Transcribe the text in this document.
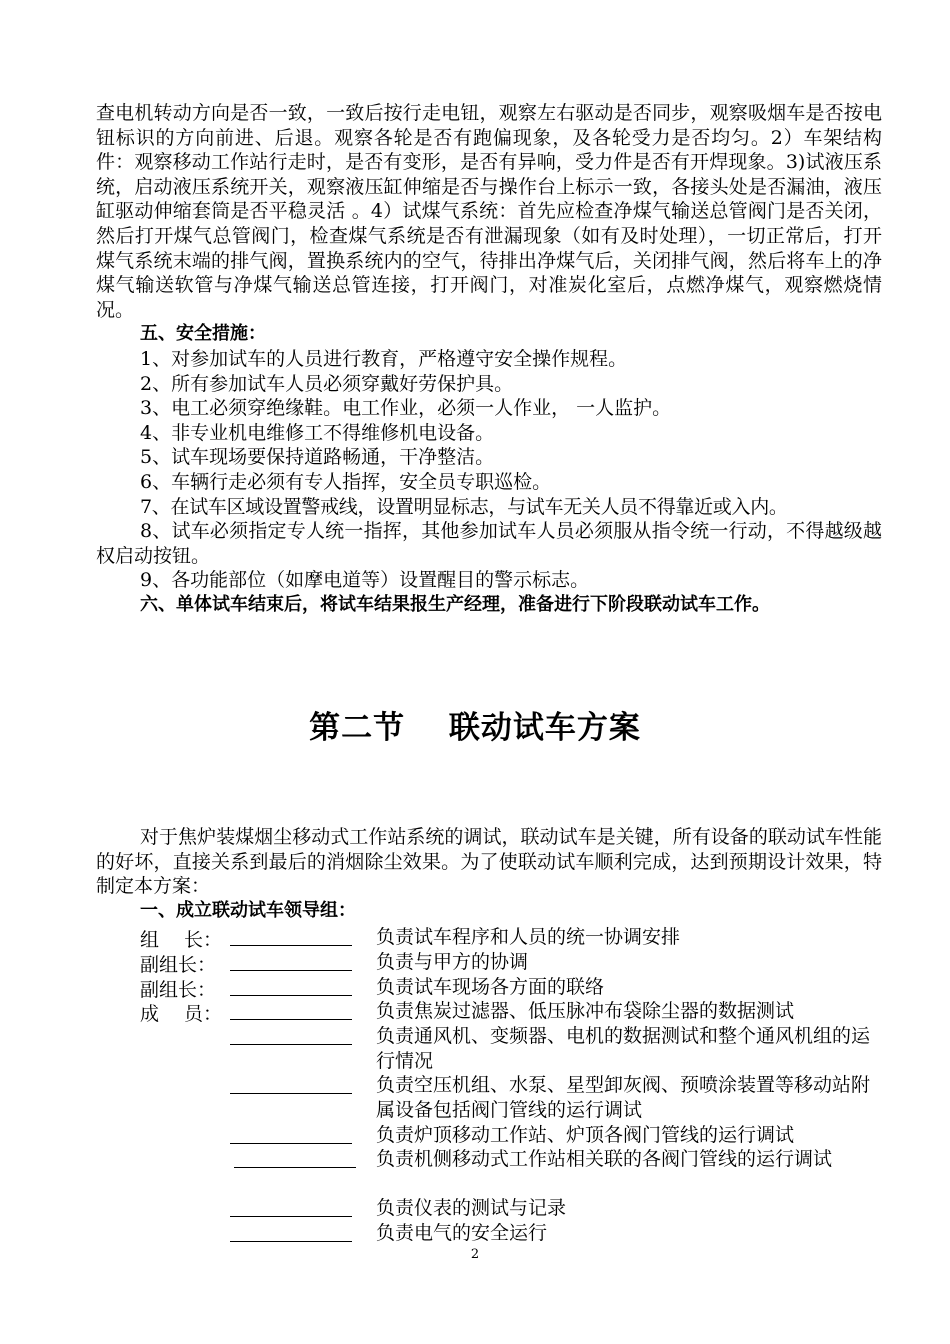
查电机转动方向是否一致，一致后按行走电钮，观察左右驱动是否同步，观察吸烟车是否按电钮标识的方向前进、后退。观察各轮是否有跑偏现象，及各轮受力是否均匀。2）车架结构件：观察移动工作站行走时，是否有变形，是否有异响，受力件是否有开焊现象。3)试液压系统，启动液压系统开关，观察液压缸伸缩是否与操作台上标示一致，各接头处是否漏油，液压缸驱动伸缩套筒是否平稳灵活 。4）试煤气系统：首先应检查净煤气输送总管阀门是否关闭，然后打开煤气总管阀门，检查煤气系统是否有泄漏现象（如有及时处理），一切正常后，打开煤气系统末端的排气阀，置换系统内的空气，待排出净煤气后，关闭排气阀，然后将车上的净煤气输送软管与净煤气输送总管连接，打开阀门，对准炭化室后，点燃净煤气，观察燃烧情况。

五、安全措施：

1、对参加试车的人员进行教育，严格遵守安全操作规程。

2、所有参加试车人员必须穿戴好劳保护具。

3、电工必须穿绝缘鞋。电工作业，必须一人作业， 一人监护。

4、非专业机电维修工不得维修机电设备。

5、试车现场要保持道路畅通，干净整洁。

6、车辆行走必须有专人指挥，安全员专职巡检。

7、在试车区域设置警戒线，设置明显标志，与试车无关人员不得靠近或入内。

8、试车必须指定专人统一指挥，其他参加试车人员必须服从指令统一行动，不得越级越权启动按钮。

9、各功能部位（如摩电道等）设置醒目的警示标志。

六、单体试车结束后，将试车结果报生产经理，准备进行下阶段联动试车工作。

第二节　 联动试车方案

对于焦炉装煤烟尘移动式工作站系统的调试，联动试车是关键，所有设备的联动试车性能的好坏，直接关系到最后的消烟除尘效果。为了使联动试车顺利完成，达到预期设计效果，特制定本方案：

一、成立联动试车领导组：

组　 长：	负责试车程序和人员的统一协调安排
副组长：	负责与甲方的协调
副组长：	负责试车现场各方面的联络
成　 员：	负责焦炭过滤器、低压脉冲布袋除尘器的数据测试
负责通风机、变频器、电机的数据测试和整个通风机组的运行情况
负责空压机组、水泵、星型卸灰阀、预喷涂装置等移动站附属设备包括阀门管线的运行调试
负责炉顶移动工作站、炉顶各阀门管线的运行调试
负责机侧移动式工作站相关联的各阀门管线的运行调试
负责仪表的测试与记录
负责电气的安全运行
2
